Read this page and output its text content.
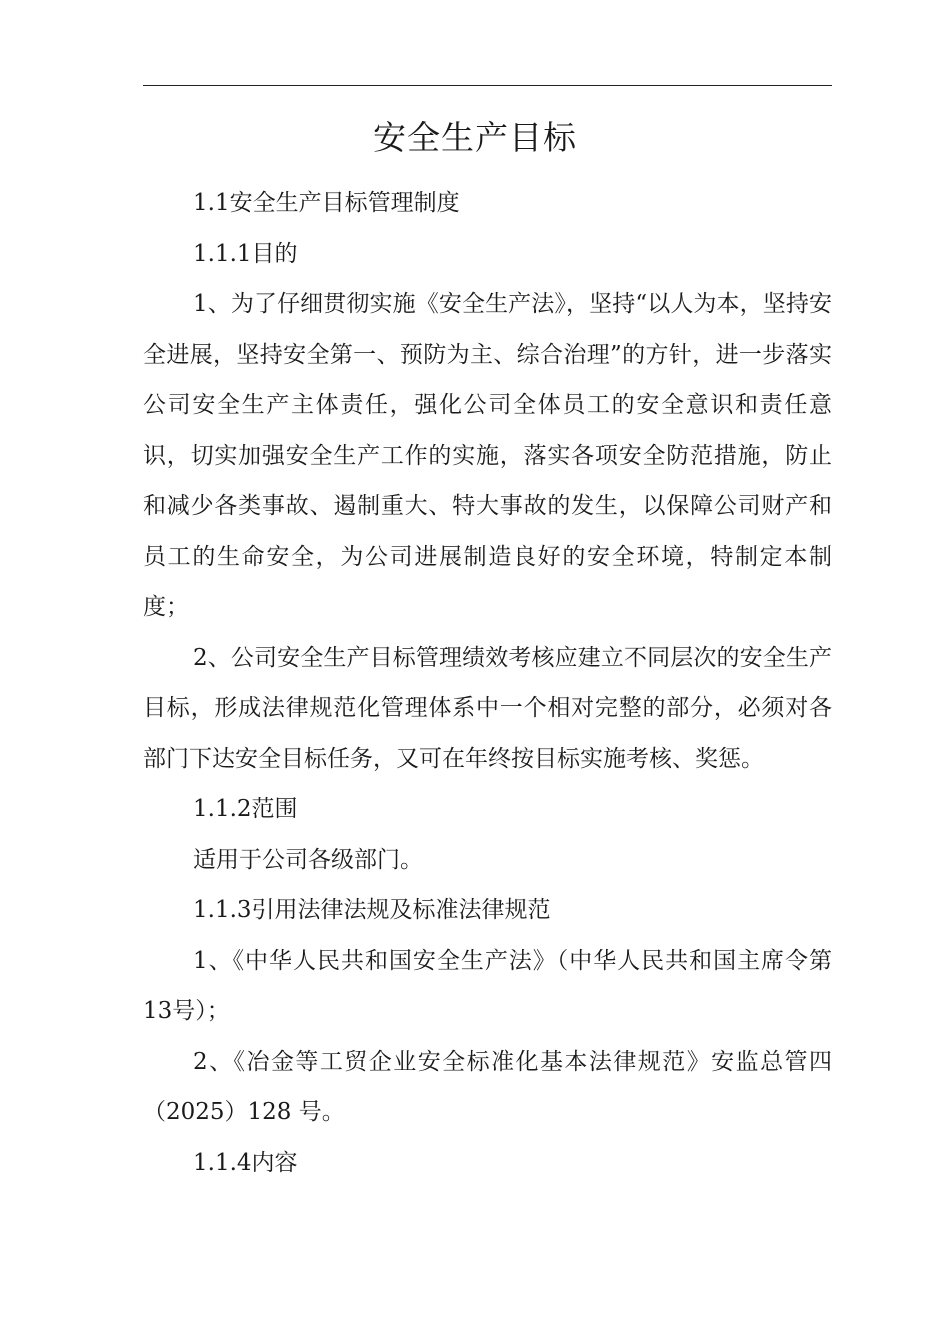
安全生产目标

1.1安全生产目标管理制度

1.1.1目的

1、为了仔细贯彻实施《安全生产法》，坚持“以人为本，坚持安全进展，坚持安全第一、预防为主、综合治理”的方针，进一步落实公司安全生产主体责任，强化公司全体员工的安全意识和责任意识，切实加强安全生产工作的实施，落实各项安全防范措施，防止和减少各类事故、遏制重大、特大事故的发生，以保障公司财产和员工的生命安全，为公司进展制造良好的安全环境，特制定本制度；

2、公司安全生产目标管理绩效考核应建立不同层次的安全生产目标，形成法律规范化管理体系中一个相对完整的部分，必须对各部门下达安全目标任务，又可在年终按目标实施考核、奖惩。

1.1.2范围

适用于公司各级部门。

1.1.3引用法律法规及标准法律规范

1、《中华人民共和国安全生产法》（中华人民共和国主席令第13号）；

2、《冶金等工贸企业安全标准化基本法律规范》安监总管四（2025）128 号。

1.1.4内容
